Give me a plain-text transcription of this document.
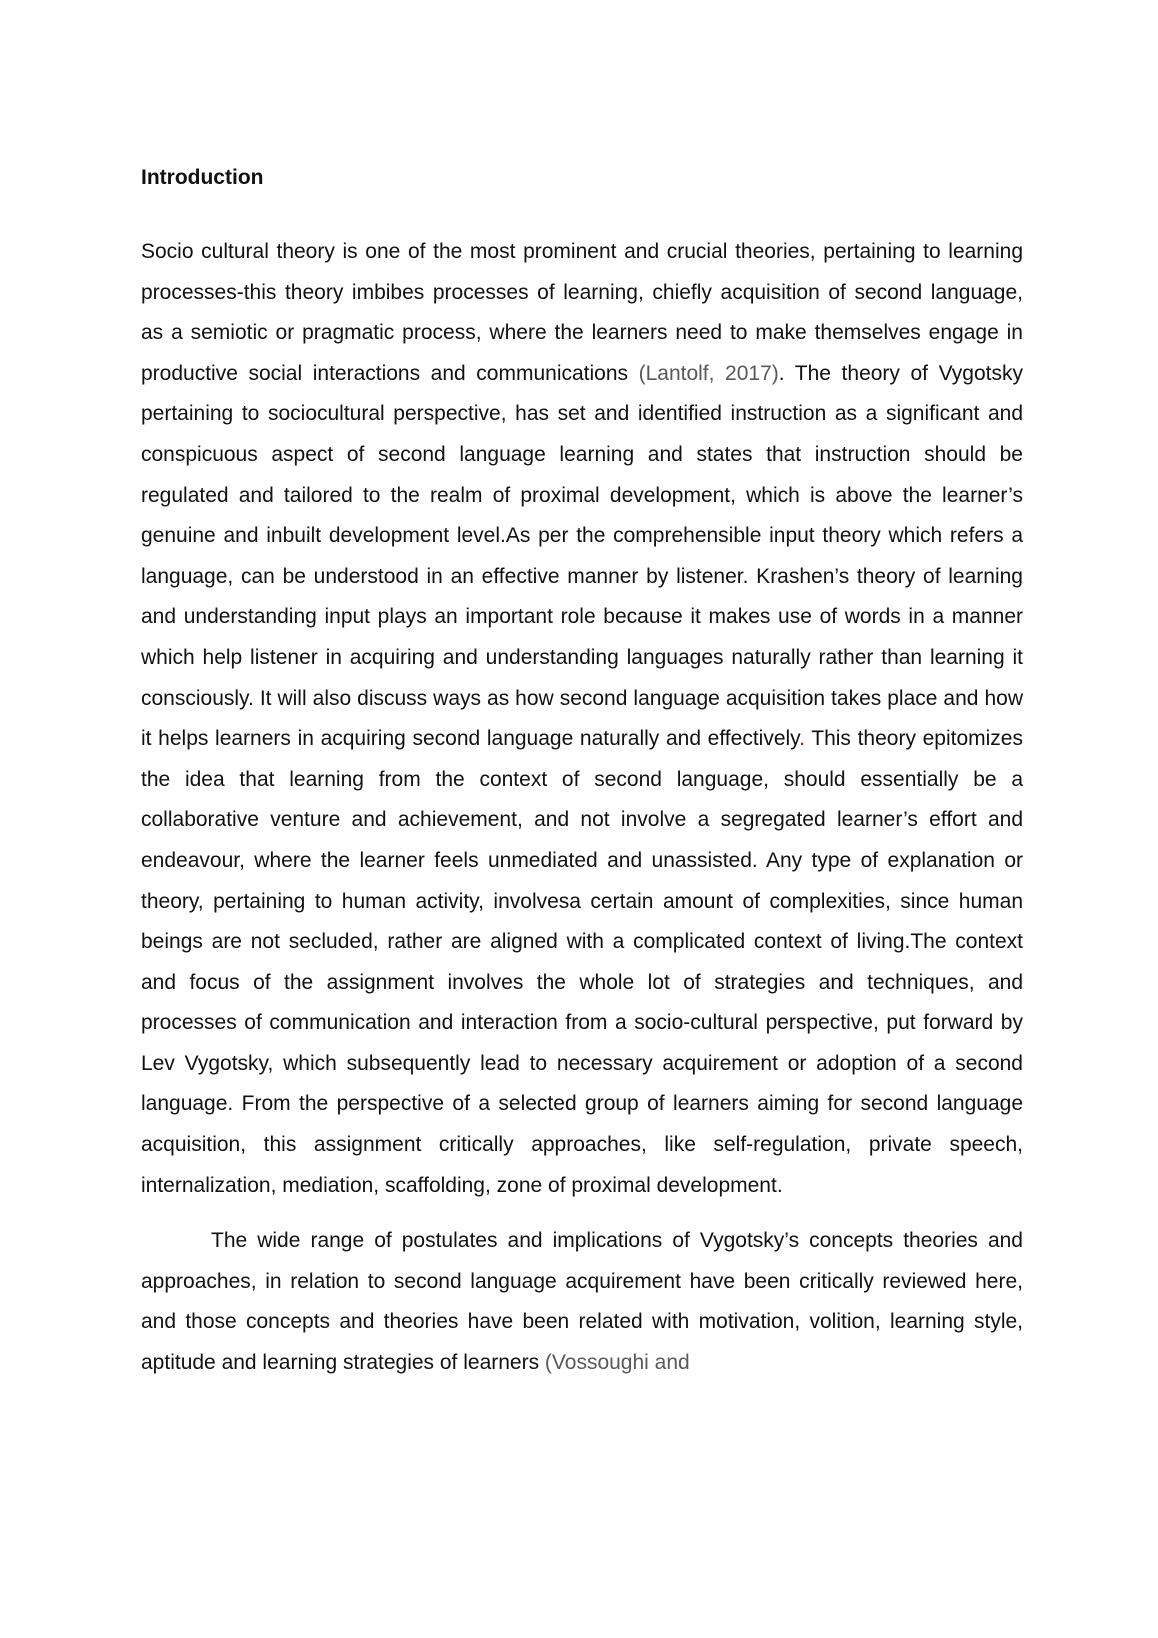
Introduction

Socio cultural theory is one of the most prominent and crucial theories, pertaining to learning processes-this theory imbibes processes of learning, chiefly acquisition of second language, as a semiotic or pragmatic process, where the learners need to make themselves engage in productive social interactions and communications (Lantolf, 2017). The theory of Vygotsky pertaining to sociocultural perspective, has set and identified instruction as a significant and conspicuous aspect of second language learning and states that instruction should be regulated and tailored to the realm of proximal development, which is above the learner’s genuine and inbuilt development level.As per the comprehensible input theory which refers a language, can be understood in an effective manner by listener. Krashen’s theory of learning and understanding input plays an important role because it makes use of words in a manner which help listener in acquiring and understanding languages naturally rather than learning it consciously. It will also discuss ways as how second language acquisition takes place and how it helps learners in acquiring second language naturally and effectively. This theory epitomizes the idea that learning from the context of second language, should essentially be a collaborative venture and achievement, and not involve a segregated learner’s effort and endeavour, where the learner feels unmediated and unassisted. Any type of explanation or theory, pertaining to human activity, involvesa certain amount of complexities, since human beings are not secluded, rather are aligned with a complicated context of living.The context and focus of the assignment involves the whole lot of strategies and techniques, and processes of communication and interaction from a socio-cultural perspective, put forward by Lev Vygotsky, which subsequently lead to necessary acquirement or adoption of a second language. From the perspective of a selected group of learners aiming for second language acquisition, this assignment critically approaches, like self-regulation, private speech, internalization, mediation, scaffolding, zone of proximal development.

The wide range of postulates and implications of Vygotsky’s concepts theories and approaches, in relation to second language acquirement have been critically reviewed here, and those concepts and theories have been related with motivation, volition, learning style, aptitude and learning strategies of learners (Vossoughi and
